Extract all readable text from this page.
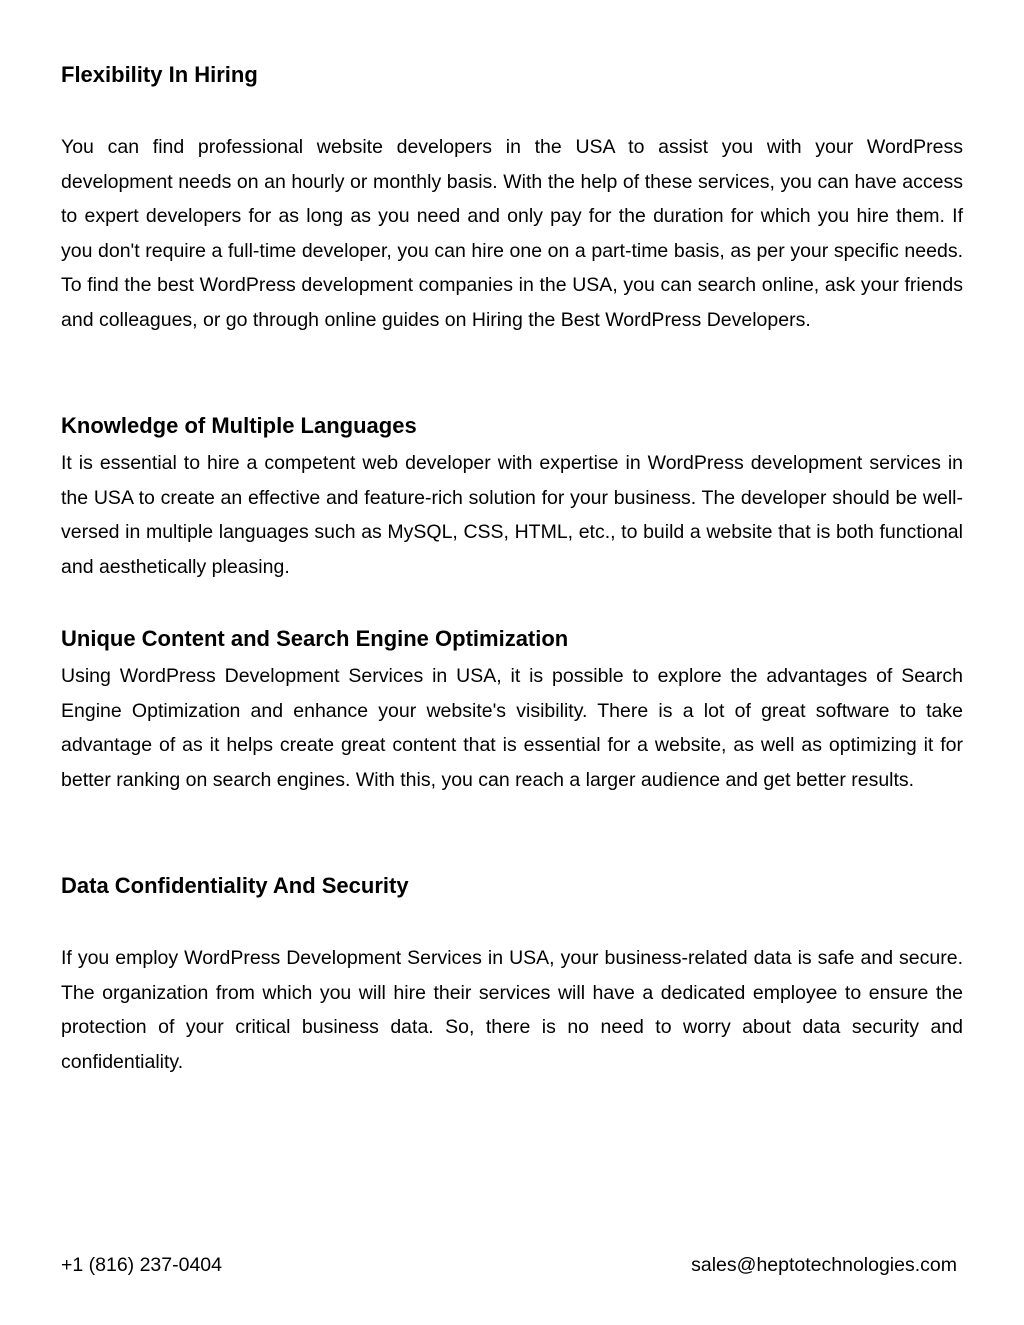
Flexibility In Hiring

You can find professional website developers in the USA to assist you with your WordPress development needs on an hourly or monthly basis. With the help of these services, you can have access to expert developers for as long as you need and only pay for the duration for which you hire them. If you don't require a full-time developer, you can hire one on a part-time basis, as per your specific needs. To find the best WordPress development companies in the USA, you can search online, ask your friends and colleagues, or go through online guides on Hiring the Best WordPress Developers.

Knowledge of Multiple Languages

It is essential to hire a competent web developer with expertise in WordPress development services in the USA to create an effective and feature-rich solution for your business. The developer should be well-versed in multiple languages such as MySQL, CSS, HTML, etc., to build a website that is both functional and aesthetically pleasing.

Unique Content and Search Engine Optimization

Using WordPress Development Services in USA, it is possible to explore the advantages of Search Engine Optimization and enhance your website's visibility. There is a lot of great software to take advantage of as it helps create great content that is essential for a website, as well as optimizing it for better ranking on search engines. With this, you can reach a larger audience and get better results.

Data Confidentiality And Security

If you employ WordPress Development Services in USA, your business-related data is safe and secure. The organization from which you will hire their services will have a dedicated employee to ensure the protection of your critical business data. So, there is no need to worry about data security and confidentiality.

+1 (816) 237-0404	sales@heptotechnologies.com
